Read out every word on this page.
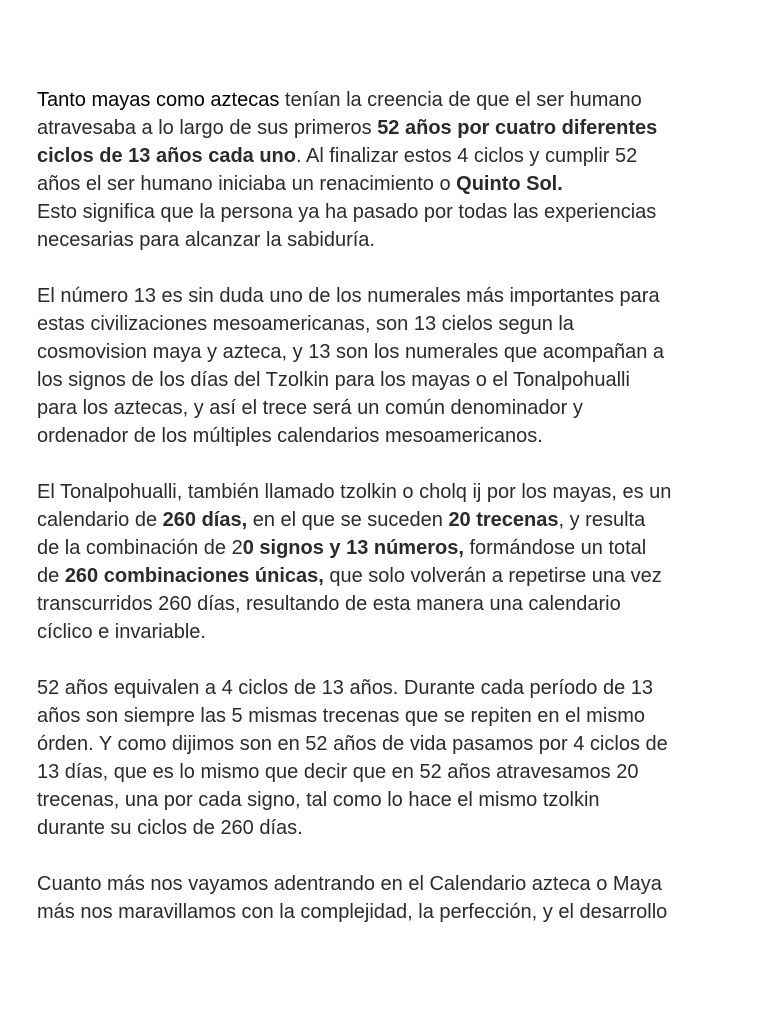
Tanto mayas como aztecas tenían la creencia de que el ser humano
atravesaba a lo largo de sus primeros 52 años por cuatro diferentes
ciclos de 13 años cada uno. Al finalizar estos 4 ciclos y cumplir 52
años el ser humano iniciaba un renacimiento o Quinto Sol.
Esto significa que la persona ya ha pasado por todas las experiencias
necesarias para alcanzar la sabiduría.

El número 13 es sin duda uno de los numerales más importantes para
estas civilizaciones mesoamericanas, son 13 cielos segun la
cosmovision maya y azteca, y 13 son los numerales que acompañan a
los signos de los días del Tzolkin para los mayas o el Tonalpohualli
para los aztecas, y así el trece será un común denominador y
ordenador de los múltiples calendarios mesoamericanos.

El Tonalpohualli, también llamado tzolkin o cholq ij por los mayas, es un
calendario de 260 días, en el que se suceden 20 trecenas, y resulta
de la combinación de 20 signos y 13 números, formándose un total
de 260 combinaciones únicas, que solo volverán a repetirse una vez
transcurridos 260 días, resultando de esta manera una calendario
cíclico e invariable.

52 años equivalen a 4 ciclos de 13 años. Durante cada período de 13
años son siempre las 5 mismas trecenas que se repiten en el mismo
órden. Y como dijimos son en 52 años de vida pasamos por 4 ciclos de
13 días, que es lo mismo que decir que en 52 años atravesamos 20
trecenas, una por cada signo, tal como lo hace el mismo tzolkin
durante su ciclos de 260 días.

Cuanto más nos vayamos adentrando en el Calendario azteca o Maya
más nos maravillamos con la complejidad, la perfección, y el desarrollo
